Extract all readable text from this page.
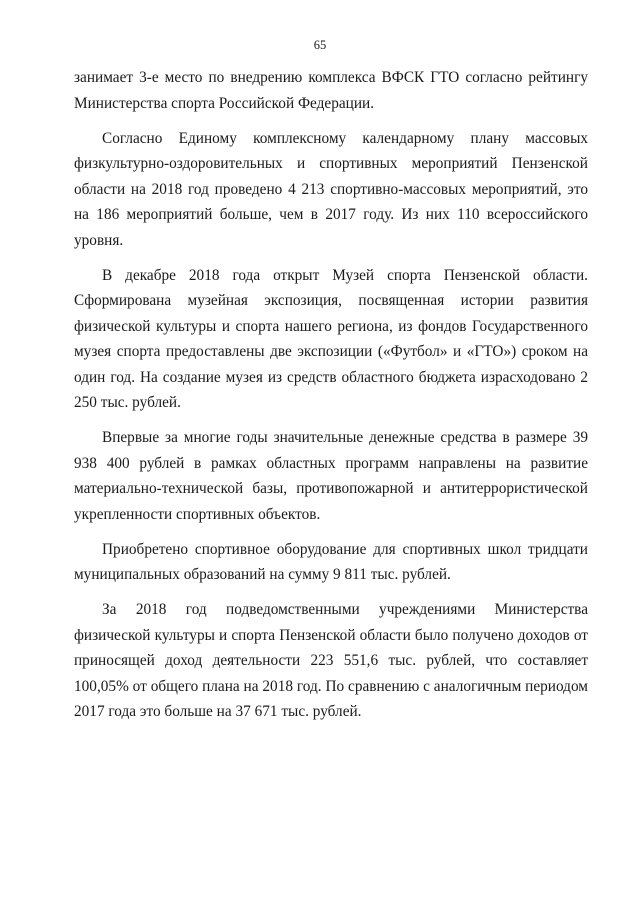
65

занимает 3-е место по внедрению комплекса ВФСК ГТО согласно рейтингу Министерства спорта Российской Федерации.

Согласно Единому комплексному календарному плану массовых физкультурно-оздоровительных и спортивных мероприятий Пензенской области на 2018 год проведено 4 213 спортивно-массовых мероприятий, это на 186 мероприятий больше, чем в 2017 году. Из них 110 всероссийского уровня.

В декабре 2018 года открыт Музей спорта Пензенской области. Сформирована музейная экспозиция, посвященная истории развития физической культуры и спорта нашего региона, из фондов Государственного музея спорта предоставлены две экспозиции («Футбол» и «ГТО») сроком на один год. На создание музея из средств областного бюджета израсходовано 2 250 тыс. рублей.

Впервые за многие годы значительные денежные средства в размере 39 938 400 рублей в рамках областных программ направлены на развитие материально-технической базы, противопожарной и антитеррористической укрепленности спортивных объектов.

Приобретено спортивное оборудование для спортивных школ тридцати муниципальных образований на сумму 9 811 тыс. рублей.

За 2018 год подведомственными учреждениями Министерства физической культуры и спорта Пензенской области было получено доходов от приносящей доход деятельности 223 551,6 тыс. рублей, что составляет 100,05% от общего плана на 2018 год. По сравнению с аналогичным периодом 2017 года это больше на 37 671 тыс. рублей.
